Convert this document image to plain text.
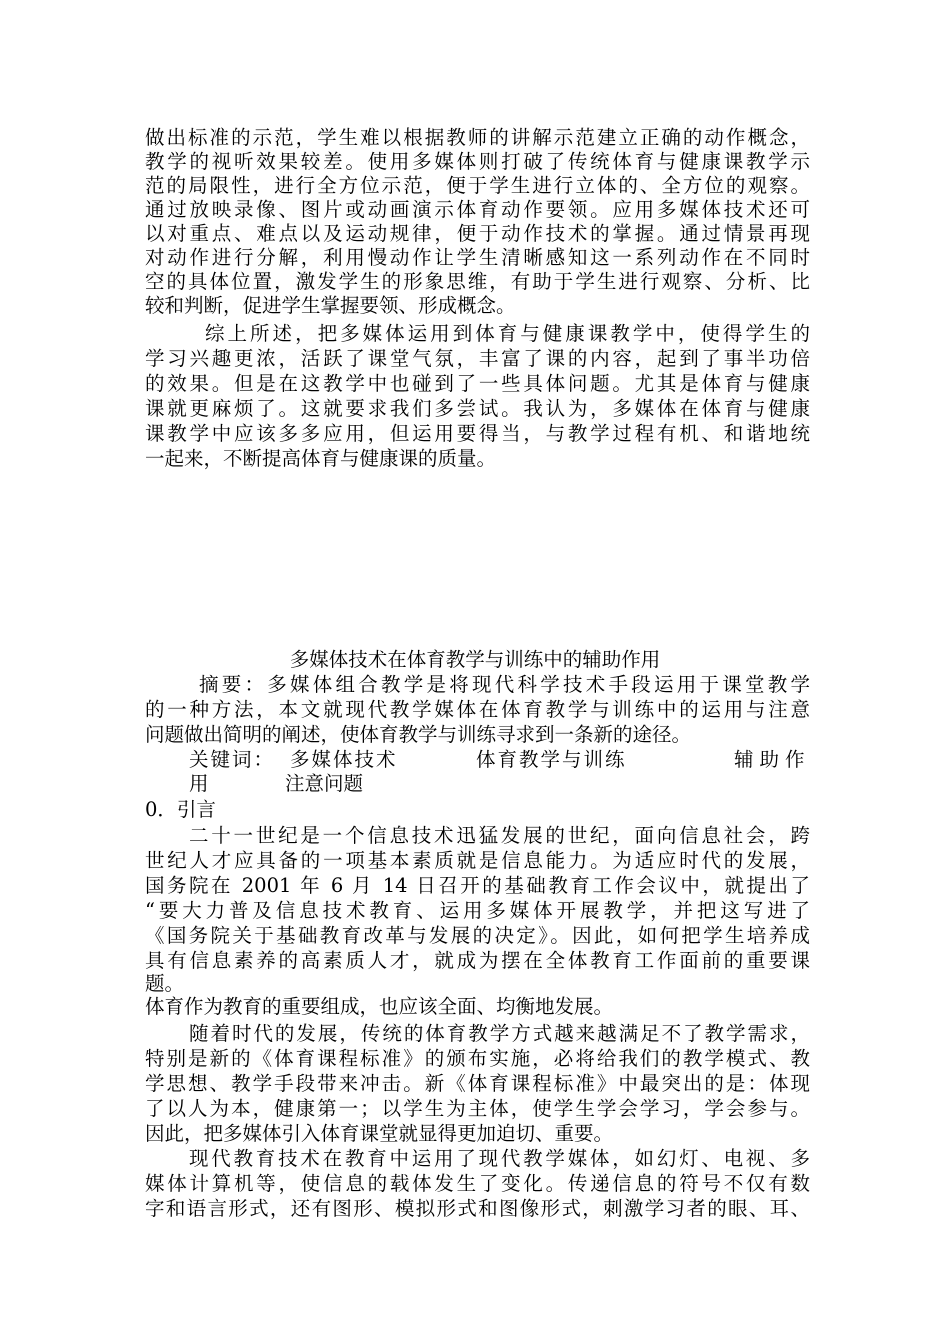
做出标准的示范，学生难以根据教师的讲解示范建立正确的动作概念，
教学的视听效果较差。使用多媒体则打破了传统体育与健康课教学示
范的局限性，进行全方位示范，便于学生进行立体的、全方位的观察。
通过放映录像、图片或动画演示体育动作要领。应用多媒体技术还可
以对重点、难点以及运动规律，便于动作技术的掌握。通过情景再现
对动作进行分解，利用慢动作让学生清晰感知这一系列动作在不同时
空的具体位置，激发学生的形象思维，有助于学生进行观察、分析、比
较和判断，促进学生掌握要领、形成概念。
综上所述，把多媒体运用到体育与健康课教学中，使得学生的
学习兴趣更浓，活跃了课堂气氛，丰富了课的内容，起到了事半功倍
的效果。但是在这教学中也碰到了一些具体问题。尤其是体育与健康
课就更麻烦了。这就要求我们多尝试。我认为，多媒体在体育与健康
课教学中应该多多应用，但运用要得当，与教学过程有机、和谐地统
一起来，不断提高体育与健康课的质量。
多媒体技术在体育教学与训练中的辅助作用
摘要：多媒体组合教学是将现代科学技术手段运用于课堂教学
的一种方法，本文就现代教学媒体在体育教学与训练中的运用与注意
问题做出简明的阐述，使体育教学与训练寻求到一条新的途径。
关键词： 多媒体技术	体育教学与训练	辅助作
用	注意问题
0．引言
二十一世纪是一个信息技术迅猛发展的世纪，面向信息社会，跨
世纪人才应具备的一项基本素质就是信息能力。为适应时代的发展，
国务院在 2001 年 6 月 14 日召开的基础教育工作会议中，就提出了
“要大力普及信息技术教育、运用多媒体开展教学，并把这写进了
《国务院关于基础教育改革与发展的决定》。因此，如何把学生培养成
具有信息素养的高素质人才，就成为摆在全体教育工作面前的重要课
题。
体育作为教育的重要组成，也应该全面、均衡地发展。
随着时代的发展，传统的体育教学方式越来越满足不了教学需求，
特别是新的《体育课程标准》的颁布实施，必将给我们的教学模式、教
学思想、教学手段带来冲击。新《体育课程标准》中最突出的是：体现
了以人为本，健康第一；以学生为主体，使学生学会学习，学会参与。
因此，把多媒体引入体育课堂就显得更加迫切、重要。
现代教育技术在教育中运用了现代教学媒体，如幻灯、电视、多
媒体计算机等，使信息的载体发生了变化。传递信息的符号不仅有数
字和语言形式，还有图形、模拟形式和图像形式，刺激学习者的眼、耳、
